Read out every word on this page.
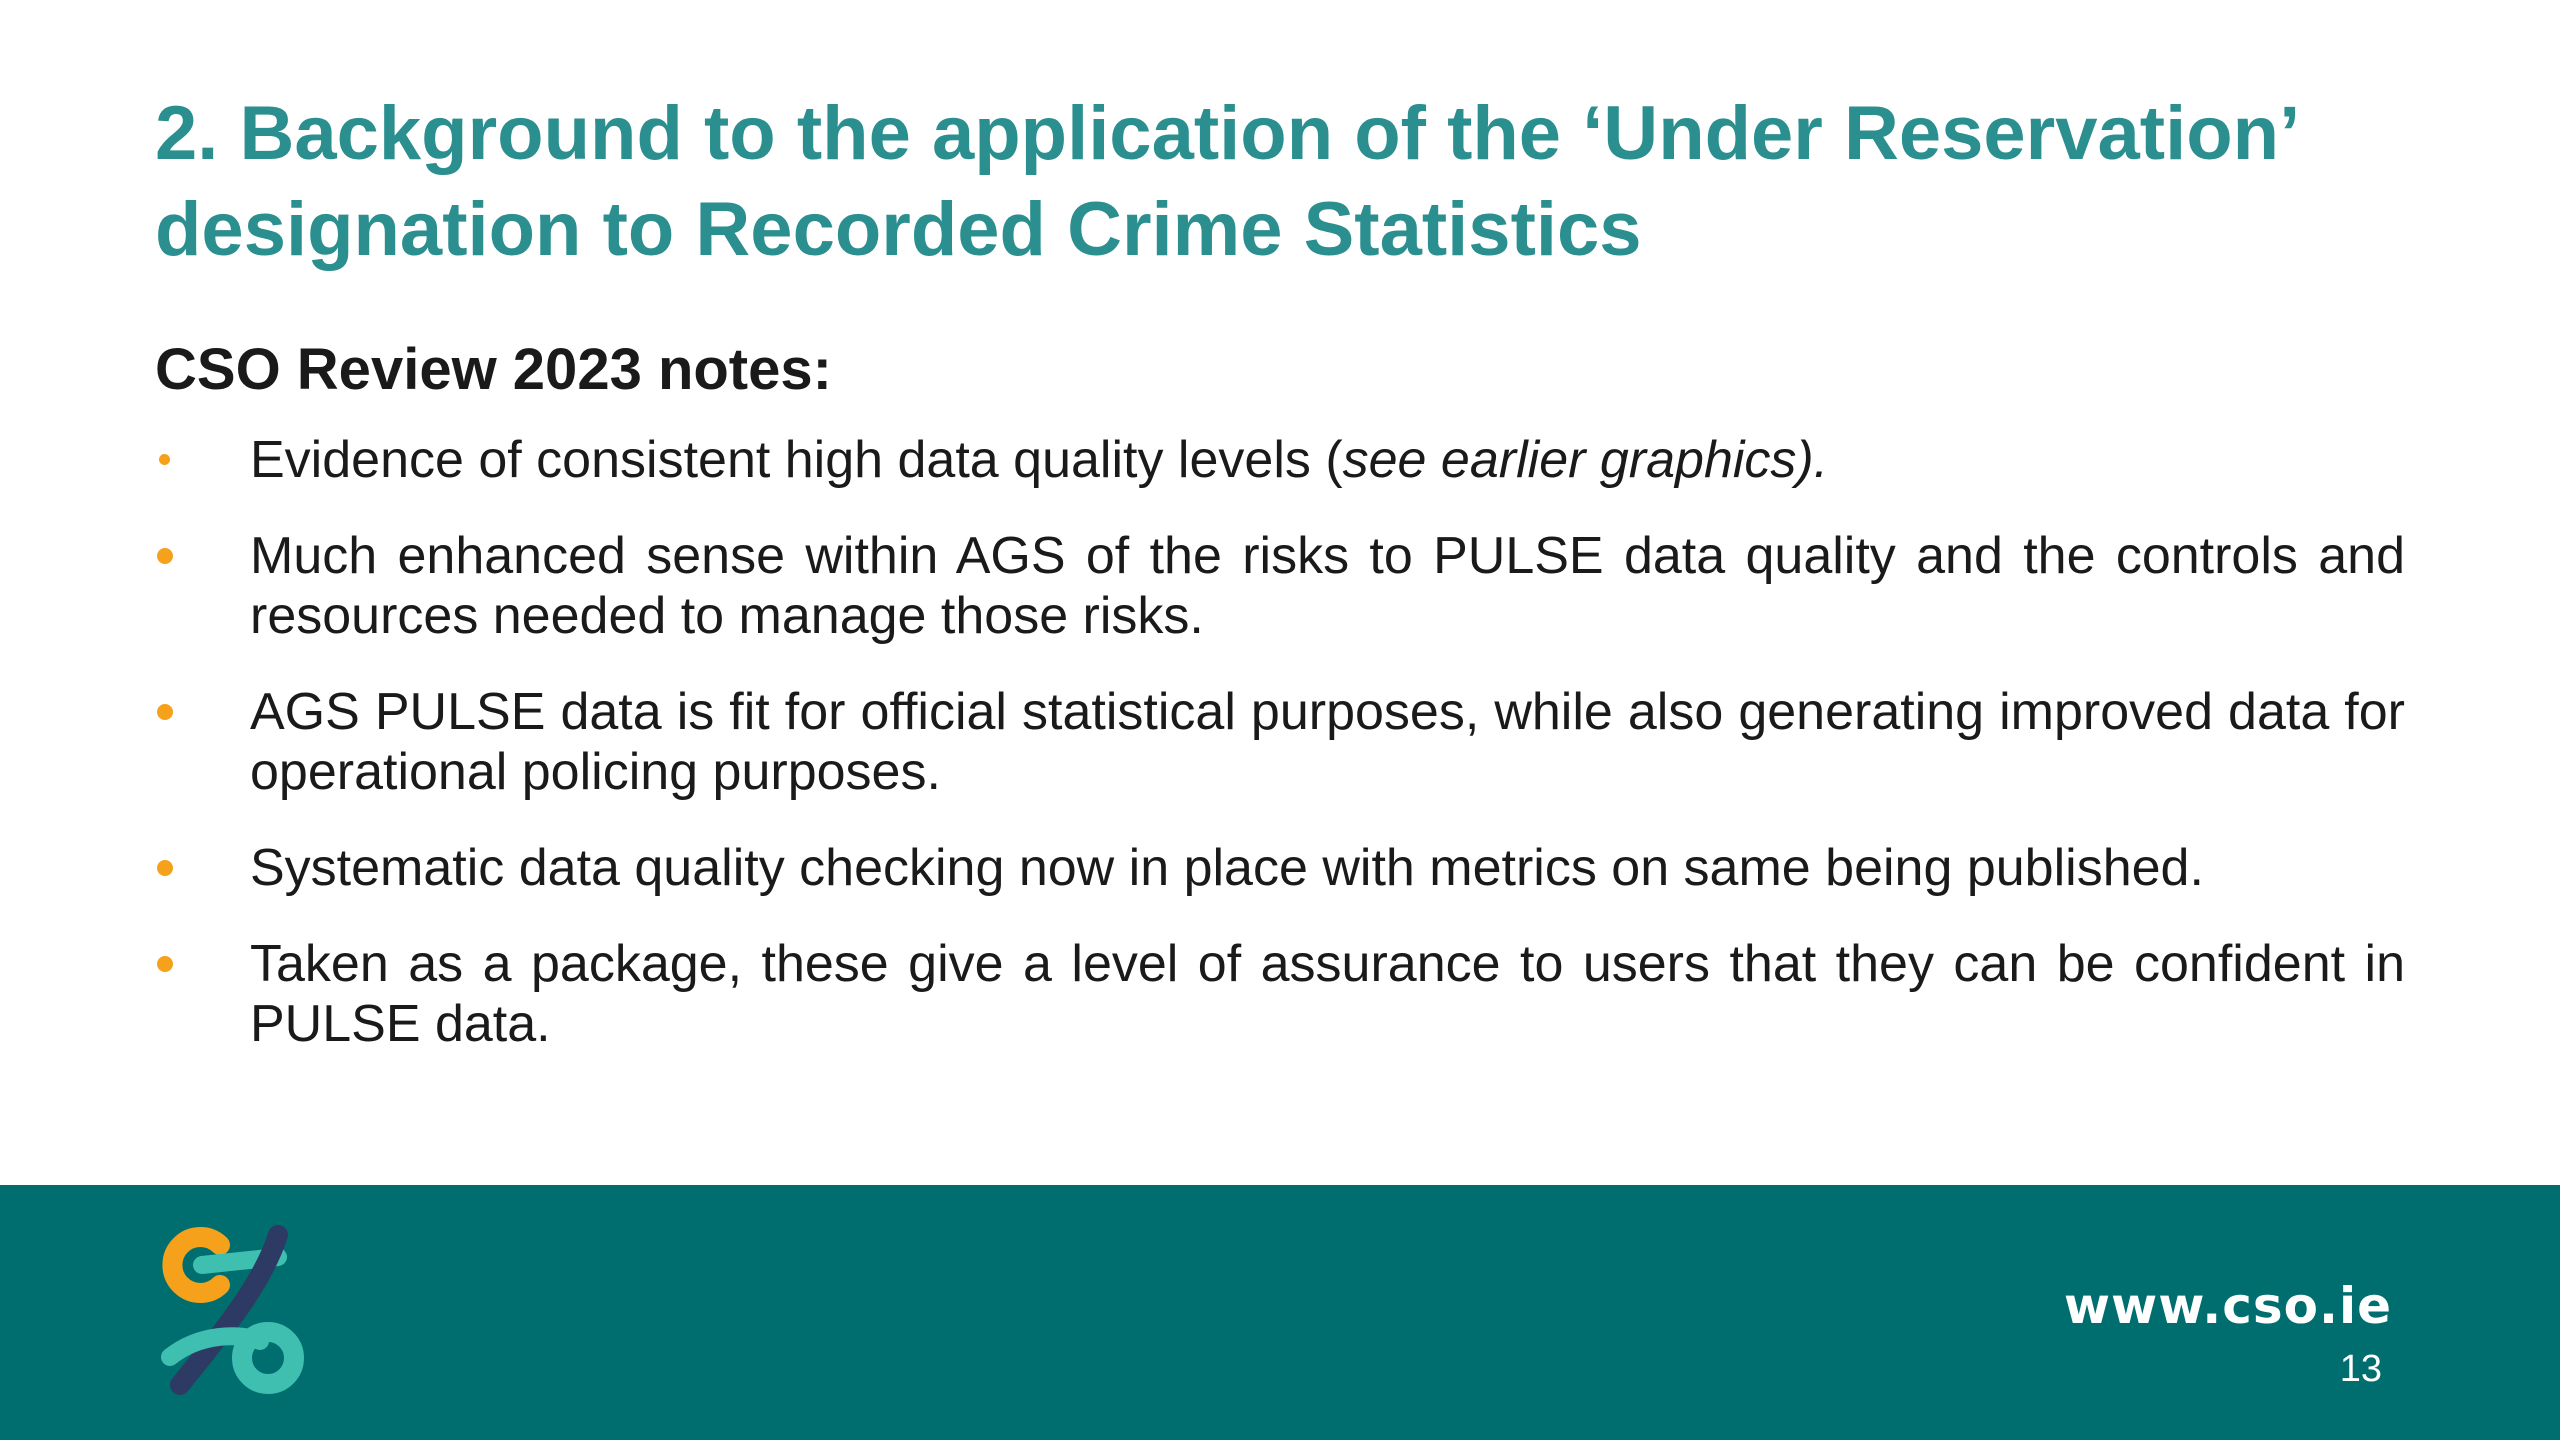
2. Background to the application of the ‘Under Reservation’ designation to Recorded Crime Statistics
CSO Review 2023 notes:
Evidence of consistent high data quality levels (see earlier graphics).
Much enhanced sense within AGS of the risks to PULSE data quality and the controls and resources needed to manage those risks.
AGS PULSE data is fit for official statistical purposes, while also generating improved data for operational policing purposes.
Systematic data quality checking now in place with metrics on same being published.
Taken as a package, these give a level of assurance to users that they can be confident in PULSE data.

www.cso.ie

13
